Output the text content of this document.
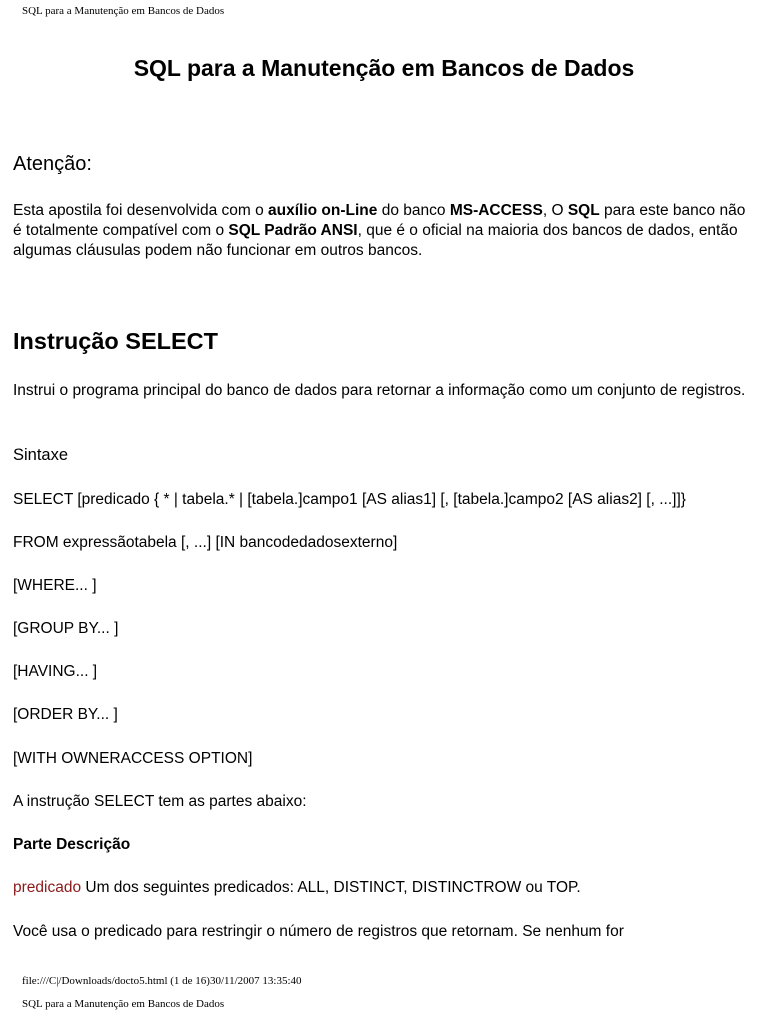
SQL para a Manutenção em Bancos de Dados
SQL para a Manutenção em Bancos de Dados
Atenção:

Esta apostila foi desenvolvida com o auxílio on-Line do banco MS-ACCESS, O SQL para este banco não é totalmente compatível com o SQL Padrão ANSI, que é o oficial na maioria dos bancos de dados, então algumas cláusulas podem não funcionar em outros bancos.

Instrução SELECT

Instrui o programa principal do banco de dados para retornar a informação como um conjunto de registros.

Sintaxe

SELECT [predicado { * | tabela.* | [tabela.]campo1 [AS alias1] [, [tabela.]campo2 [AS alias2] [, ...]]}

FROM expressãotabela [, ...] [IN bancodedadosexterno]

[WHERE... ]

[GROUP BY... ]

[HAVING... ]

[ORDER BY... ]

[WITH OWNERACCESS OPTION]

A instrução SELECT tem as partes abaixo:

Parte Descrição

predicado Um dos seguintes predicados: ALL, DISTINCT, DISTINCTROW ou TOP.

Você usa o predicado para restringir o número de registros que retornam. Se nenhum for

file:///C|/Downloads/docto5.html (1 de 16)30/11/2007 13:35:40
SQL para a Manutenção em Bancos de Dados
